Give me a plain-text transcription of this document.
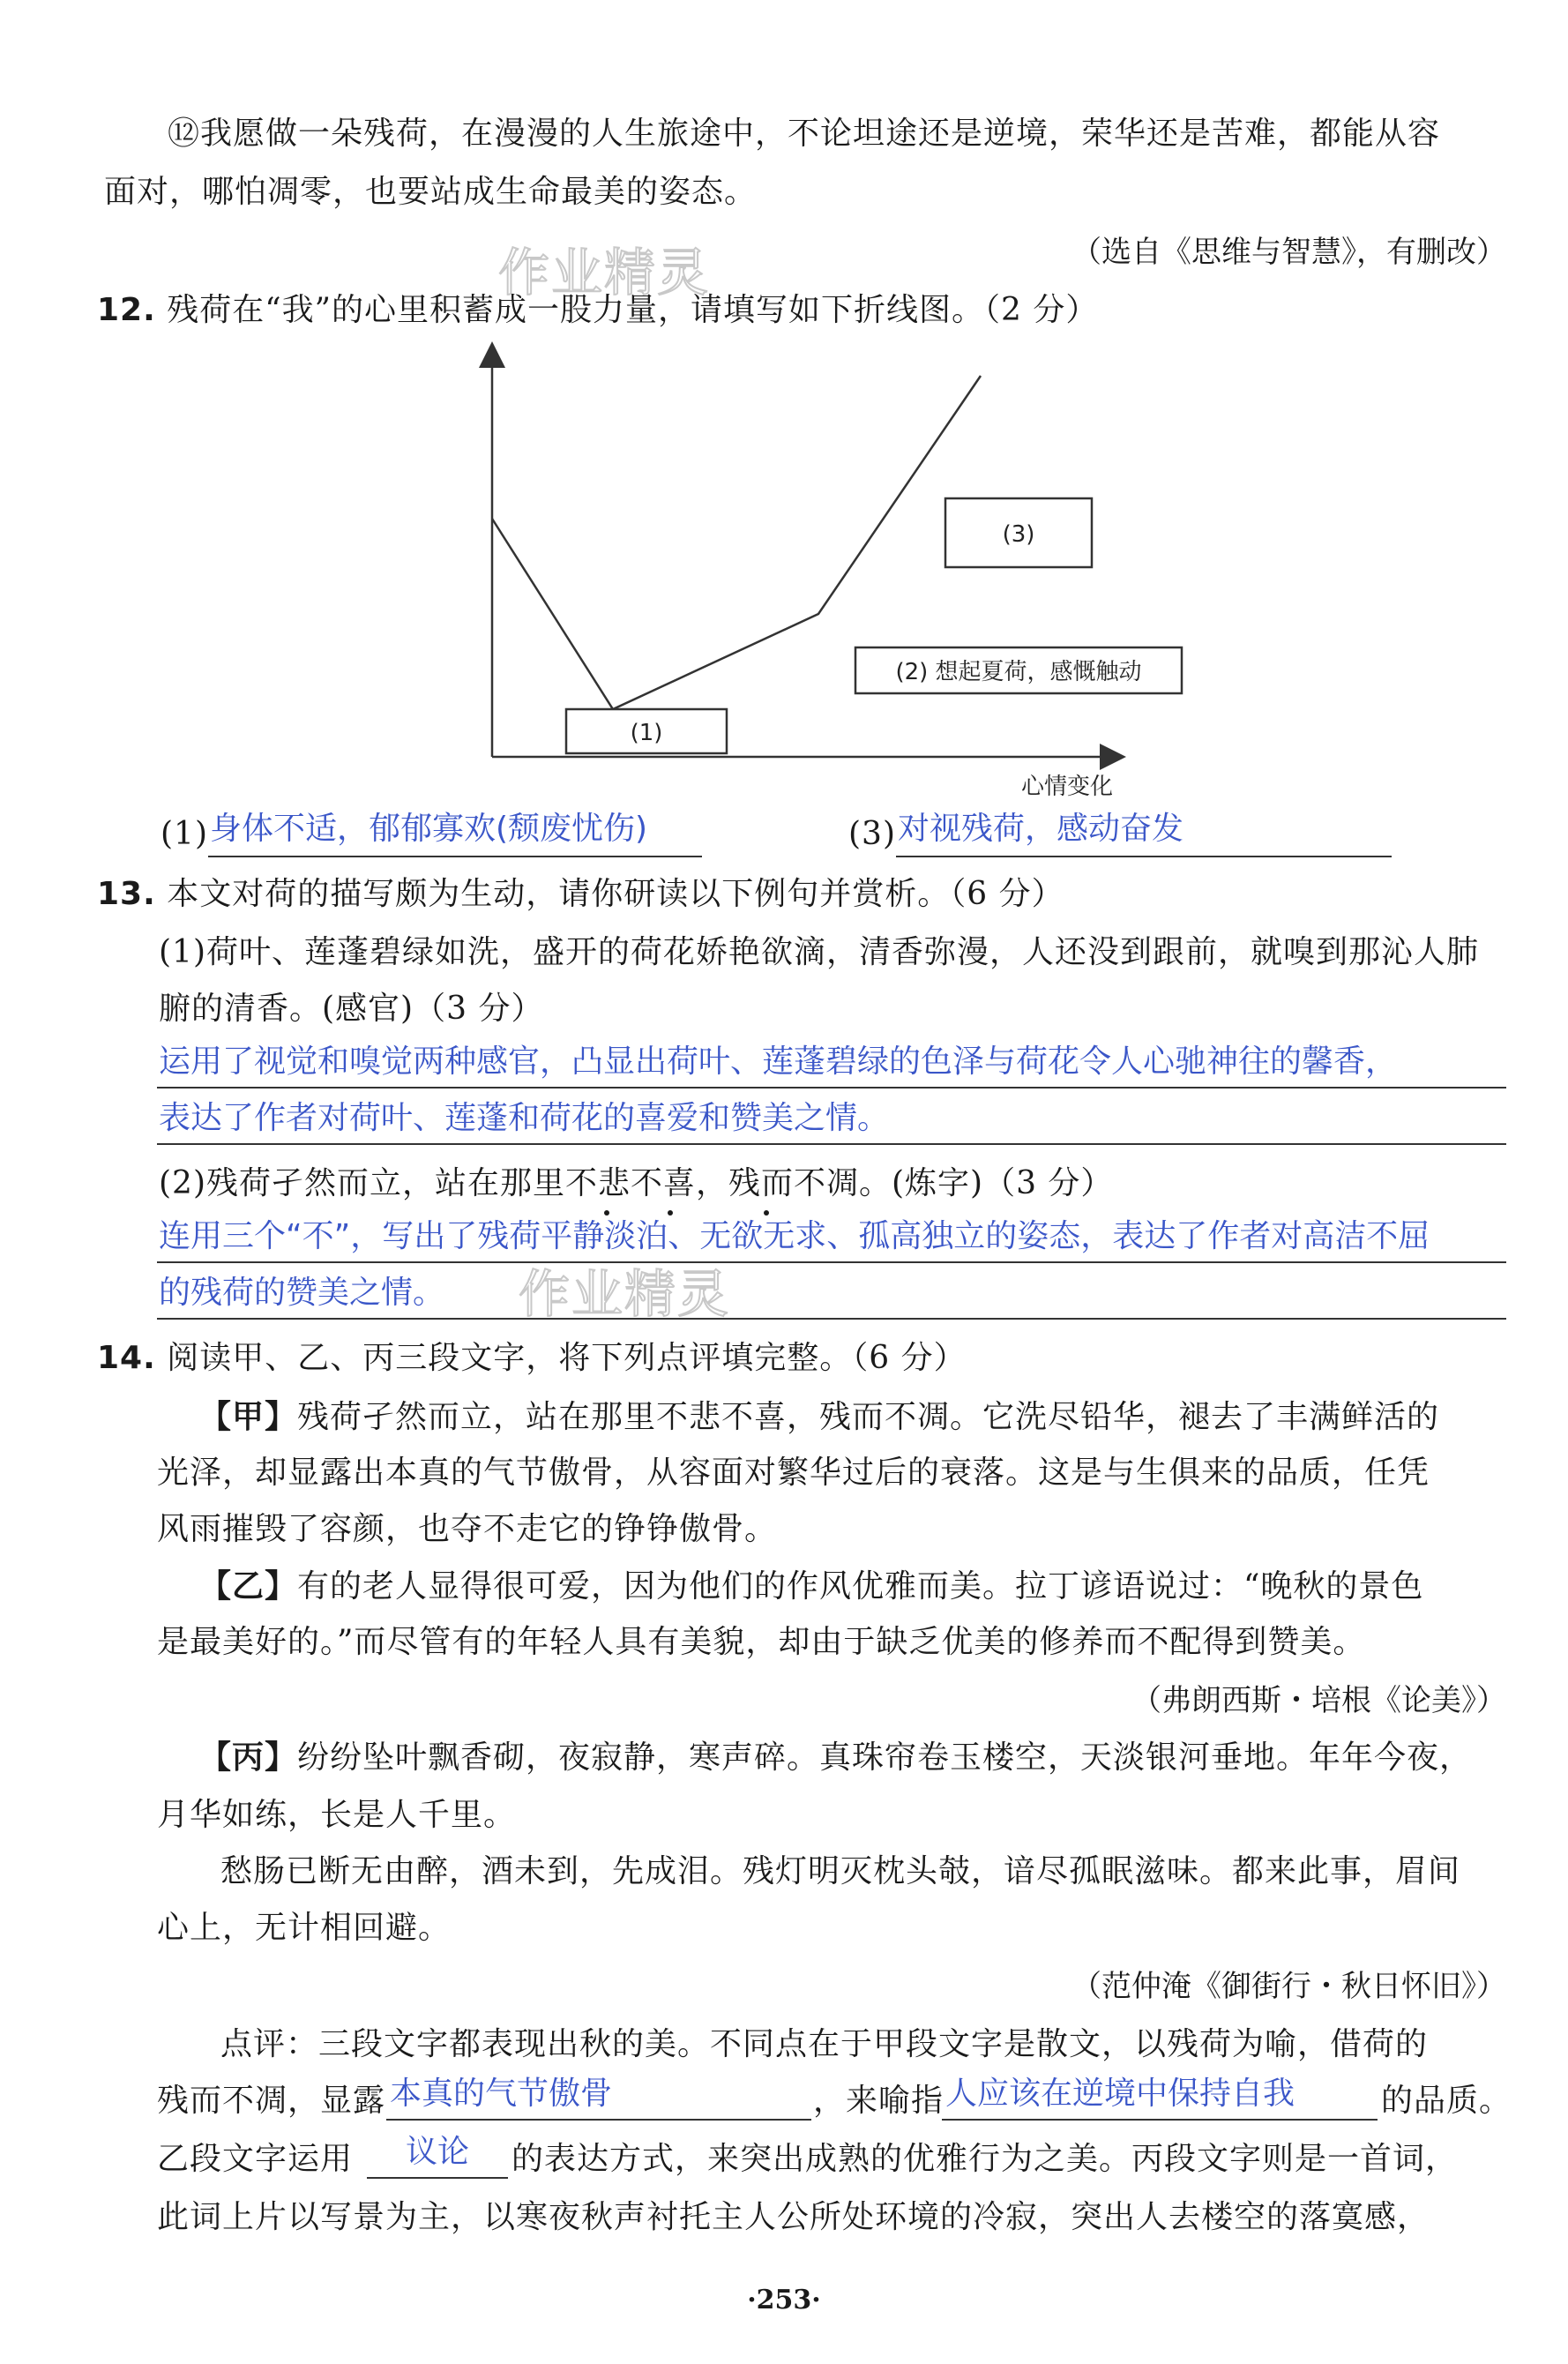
⑫我愿做一朵残荷，在漫漫的人生旅途中，不论坦途还是逆境，荣华还是苦难，都能从容
面对，哪怕凋零，也要站成生命最美的姿态。
（选自《思维与智慧》，有删改）
作业精灵
12. 残荷在“我”的心里积蓄成一股力量，请填写如下折线图。（2 分）
(1)
(2) 想起夏荷，感慨触动
(3)
心情变化
(1) 身体不适，郁郁寡欢(颓废忧伤)	(3) 对视残荷，感动奋发
13. 本文对荷的描写颇为生动，请你研读以下例句并赏析。（6 分）
(1)荷叶、莲蓬碧绿如洗，盛开的荷花娇艳欲滴，清香弥漫，人还没到跟前，就嗅到那沁人肺
腑的清香。(感官)（3 分）
运用了视觉和嗅觉两种感官，凸显出荷叶、莲蓬碧绿的色泽与荷花令人心驰神往的馨香，
表达了作者对荷叶、莲蓬和荷花的喜爱和赞美之情。
(2)残荷孑然而立，站在那里不悲不喜，残而不凋。(炼字)（3 分）
连用三个“不”，写出了残荷平静淡泊、无欲无求、孤高独立的姿态，表达了作者对高洁不屈
的残荷的赞美之情。 作业精灵
14. 阅读甲、乙、丙三段文字，将下列点评填完整。（6 分）
【甲】残荷孑然而立，站在那里不悲不喜，残而不凋。它洗尽铅华，褪去了丰满鲜活的
光泽，却显露出本真的气节傲骨，从容面对繁华过后的衰落。这是与生俱来的品质，任凭
风雨摧毁了容颜，也夺不走它的铮铮傲骨。
【乙】有的老人显得很可爱，因为他们的作风优雅而美。拉丁谚语说过：“晚秋的景色
是最美好的。”而尽管有的年轻人具有美貌，却由于缺乏优美的修养而不配得到赞美。
（弗朗西斯・培根《论美》）
【丙】纷纷坠叶飘香砌，夜寂静，寒声碎。真珠帘卷玉楼空，天淡银河垂地。年年今夜，
月华如练，长是人千里。
愁肠已断无由醉，酒未到，先成泪。残灯明灭枕头攲，谙尽孤眠滋味。都来此事，眉间
心上，无计相回避。
（范仲淹《御街行・秋日怀旧》）
点评：三段文字都表现出秋的美。不同点在于甲段文字是散文，以残荷为喻，借荷的
残而不凋，显露 本真的气节傲骨	，来喻指 人应该在逆境中保持自我	的品质。
乙段文字运用 议论 的表达方式，来突出成熟的优雅行为之美。丙段文字则是一首词，
此词上片以写景为主，以寒夜秋声衬托主人公所处环境的冷寂，突出人去楼空的落寞感，
·253·
